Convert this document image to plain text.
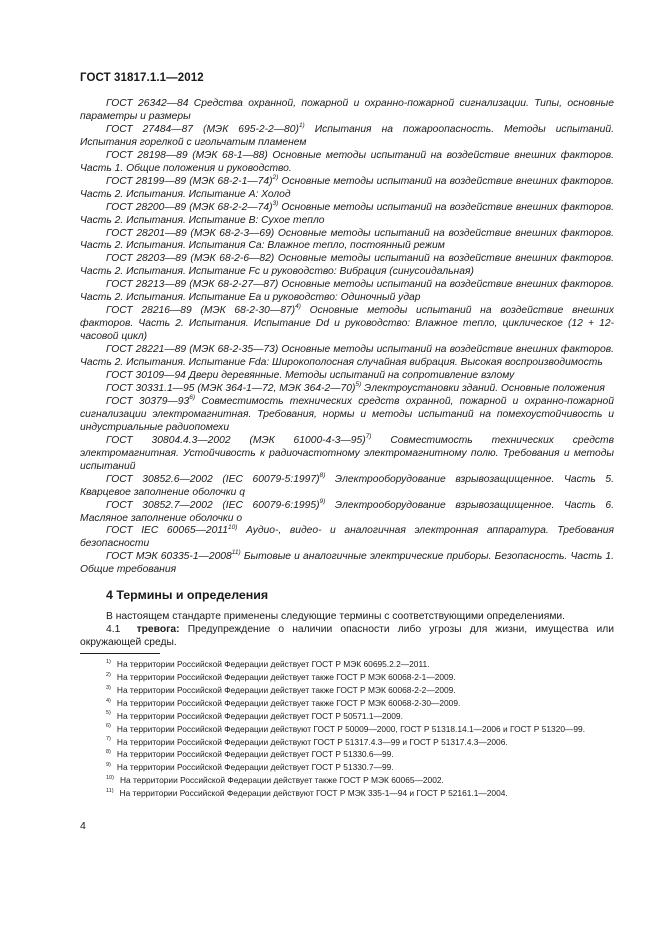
ГОСТ 31817.1.1—2012

ГОСТ 26342—84 Средства охранной, пожарной и охранно-пожарной сигнализации. Типы, основные параметры и размеры

ГОСТ 27484—87 (МЭК 695-2-2—80)$^{1)}$ Испытания на пожароопасность. Методы испытаний. Испытания горелкой с игольчатым пламенем

ГОСТ 28198—89 (МЭК 68-1—88) Основные методы испытаний на воздействие внешних факторов. Часть 1. Общие положения и руководство.

ГОСТ 28199—89 (МЭК 68-2-1—74)$^{2)}$ Основные методы испытаний на воздействие внешних факторов. Часть 2. Испытания. Испытание А: Холод

ГОСТ 28200—89 (МЭК 68-2-2—74)$^{3)}$ Основные методы испытаний на воздействие внешних факторов. Часть 2. Испытания. Испытание В: Сухое тепло

ГОСТ 28201—89 (МЭК 68-2-3—69) Основные методы испытаний на воздействие внешних факторов. Часть 2. Испытания. Испытания Са: Влажное тепло, постоянный режим

ГОСТ 28203—89 (МЭК 68-2-6—82) Основные методы испытаний на воздействие внешних факторов. Часть 2. Испытания. Испытание Fc и руководство: Вибрация (синусоидальная)

ГОСТ 28213—89 (МЭК 68-2-27—87) Основные методы испытаний на воздействие внешних факторов. Часть 2. Испытания. Испытание Ea и руководство: Одиночный удар

ГОСТ 28216—89 (МЭК 68-2-30—87)$^{4)}$ Основные методы испытаний на воздействие внешних факторов. Часть 2. Испытания. Испытание Dd и руководство: Влажное тепло, циклическое (12 + 12-часовой цикл)

ГОСТ 28221—89 (МЭК 68-2-35—73) Основные методы испытаний на воздействие внешних факторов. Часть 2. Испытания. Испытание Fda: Широкополосная случайная вибрация. Высокая воспроизводимость

ГОСТ 30109—94 Двери деревянные. Методы испытаний на сопротивление взлому

ГОСТ 30331.1—95 (МЭК 364-1—72, МЭК 364-2—70)$^{5)}$ Электроустановки зданий. Основные положения

ГОСТ 30379—93$^{6)}$ Совместимость технических средств охранной, пожарной и охранно-пожарной сигнализации электромагнитная. Требования, нормы и методы испытаний на помехоустойчивость и индустриальные радиопомехи

ГОСТ 30804.4.3—2002 (МЭК 61000-4-3—95)$^{7)}$ Совместимость технических средств электромагнитная. Устойчивость к радиочастотному электромагнитному полю. Требования и методы испытаний

ГОСТ 30852.6—2002 (IEC 60079-5:1997)$^{8)}$ Электрооборудование взрывозащищенное. Часть 5. Кварцевое заполнение оболочки q

ГОСТ 30852.7—2002 (IEC 60079-6:1995)$^{9)}$ Электрооборудование взрывозащищенное. Часть 6. Масляное заполнение оболочки о

ГОСТ IEC 60065—2011$^{10)}$ Аудио-, видео- и аналогичная электронная аппаратура. Требования безопасности

ГОСТ МЭК 60335-1—2008$^{11)}$ Бытовые и аналогичные электрические приборы. Безопасность. Часть 1. Общие требования

4 Термины и определения

В настоящем стандарте применены следующие термины с соответствующими определениями.

4.1 тревога: Предупреждение о наличии опасности либо угрозы для жизни, имущества или окружающей среды.

$^{1)}$ На территории Российской Федерации действует ГОСТ Р МЭК 60695.2.2—2011.

$^{2)}$ На территории Российской Федерации действует также ГОСТ Р МЭК 60068-2-1—2009.

$^{3)}$ На территории Российской Федерации действует также ГОСТ Р МЭК 60068-2-2—2009.

$^{4)}$ На территории Российской Федерации действует также ГОСТ Р МЭК 60068-2-30—2009.

$^{5)}$ На территории Российской Федерации действует ГОСТ Р 50571.1—2009.

$^{6)}$ На территории Российской Федерации действуют ГОСТ Р 50009—2000, ГОСТ Р 51318.14.1—2006 и ГОСТ Р 51320—99.

$^{7)}$ На территории Российской Федерации действуют ГОСТ Р 51317.4.3—99 и ГОСТ Р 51317.4.3—2006.

$^{8)}$ На территории Российской Федерации действует ГОСТ Р 51330.6—99.

$^{9)}$ На территории Российской Федерации действует ГОСТ Р 51330.7—99.

$^{10)}$ На территории Российской Федерации действует также ГОСТ Р МЭК 60065—2002.

$^{11)}$ На территории Российской Федерации действуют ГОСТ Р МЭК 335-1—94 и ГОСТ Р 52161.1—2004.

4
